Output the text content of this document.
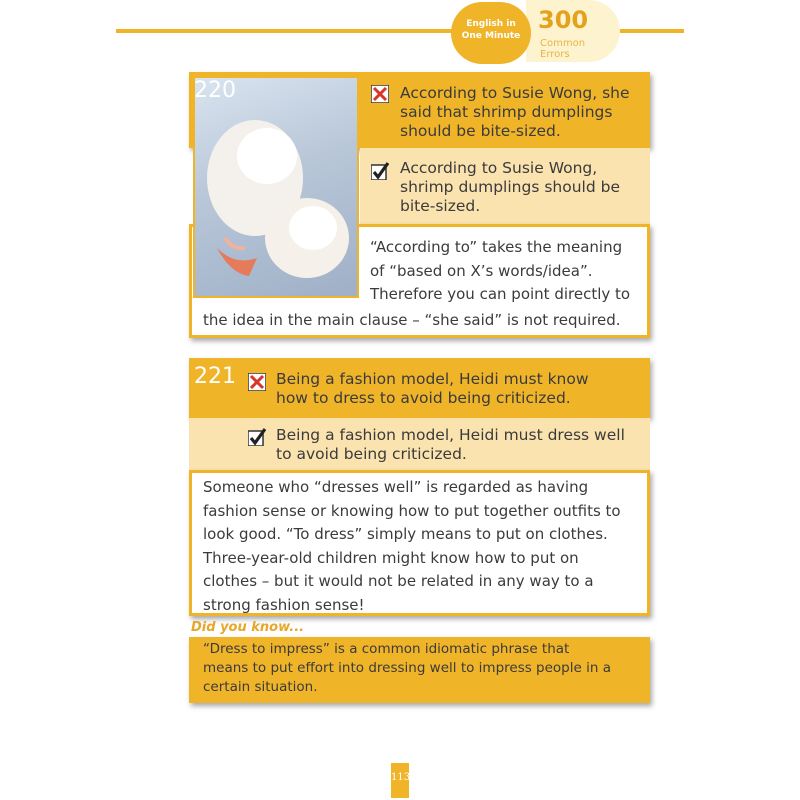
English in
One Minute
300
Common
Errors
220	According to Susie Wong, she
said that shrimp dumplings
should be bite-sized.
According to Susie Wong,
shrimp dumplings should be
bite-sized.
“According to” takes the meaning
of “based on X’s words/idea”.
Therefore you can point directly to
the idea in the main clause – “she said” is not required.
221	Being a fashion model, Heidi must know
how to dress to avoid being criticized.
Being a fashion model, Heidi must dress well
to avoid being criticized.
Someone who “dresses well” is regarded as having
fashion sense or knowing how to put together outfits to
look good. “To dress” simply means to put on clothes.
Three-year-old children might know how to put on
clothes – but it would not be related in any way to a
strong fashion sense!
Did you know...
“Dress to impress” is a common idiomatic phrase that
means to put effort into dressing well to impress people in a
certain situation.
113
